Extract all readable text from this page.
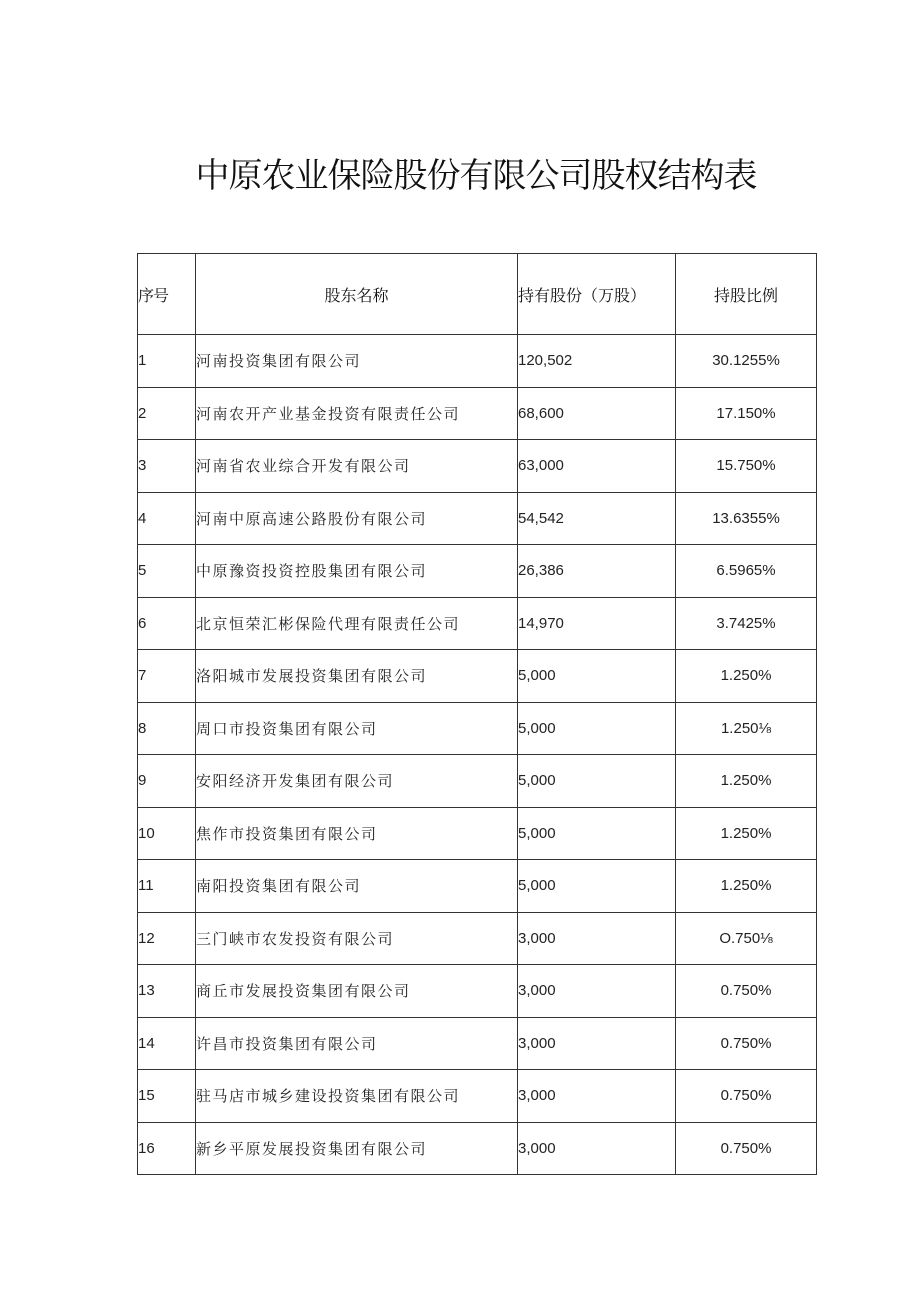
中原农业保险股份有限公司股权结构表
序号	股东名称	持有股份（万股）	持股比例
1	河南投资集团有限公司	120,502	30.1255%
2	河南农开产业基金投资有限责任公司	68,600	17.150%
3	河南省农业综合开发有限公司	63,000	15.750%
4	河南中原高速公路股份有限公司	54,542	13.6355%
5	中原豫资投资控股集团有限公司	26,386	6.5965%
6	北京恒荣汇彬保险代理有限责任公司	14,970	3.7425%
7	洛阳城市发展投资集团有限公司	5,000	1.250%
8	周口市投资集团有限公司	5,000	1.250⅛
9	安阳经济开发集团有限公司	5,000	1.250%
10	焦作市投资集团有限公司	5,000	1.250%
11	南阳投资集团有限公司	5,000	1.250%
12	三门峡市农发投资有限公司	3,000	O.750⅛
13	商丘市发展投资集团有限公司	3,000	0.750%
14	许昌市投资集团有限公司	3,000	0.750%
15	驻马店市城乡建设投资集团有限公司	3,000	0.750%
16	新乡平原发展投资集团有限公司	3,000	0.750%
